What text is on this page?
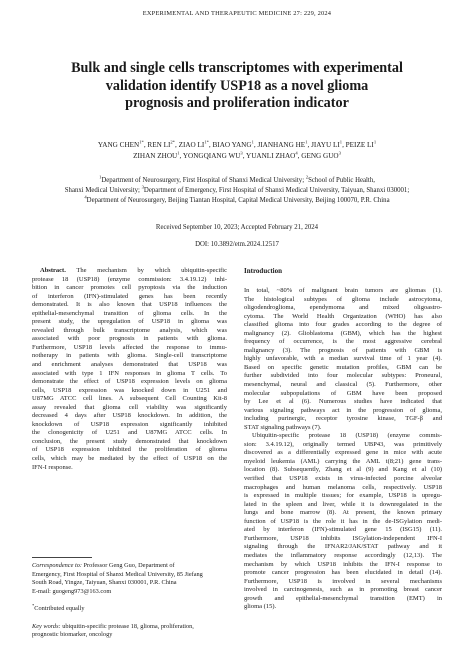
EXPERIMENTAL AND THERAPEUTIC MEDICINE 27: 229, 2024
Bulk and single cells transcriptomes with experimental
validation identify USP18 as a novel glioma
prognosis and proliferation indicator
YANG $CHEN^{1*}$, REN $LI^{2*}$, ZIAO $LI^{1*}$, BIAO YANG$^1$, JIANHANG $HE^1$, JIAYU $LI^1$, PEIZE $LI^1$
ZIHAN ZHOU$^1$, YONGQIANG $WU^3$, YUANLI ZHAO$^4$, GENG GUO$^3$
$^1$Department of Neurosurgery, First Hospital of Shanxi Medical University; $^2$School of Public Health,
Shanxi Medical University; $^3$Department of Emergency, First Hospital of Shanxi Medical University, Taiyuan, Shanxi 030001;
$^4$Department of Neurosurgery, Beijing Tiantan Hospital, Capital Medical University, Beijing 100070, P.R. China
Received September 10, 2023; Accepted February 21, 2024
DOI: 10.3892/etm.2024.12517
Abstract. The mechanism by which ubiquitin-specific
protease 18 (USP18) (enzyme commission: 3.4.19.12) inhi-
bition in cancer promotes cell pyroptosis via the induction
of interferon (IFN)-stimulated genes has been recently
demonstrated. It is also known that USP18 influences the
epithelial-mesenchymal transition of glioma cells. In the
present study, the upregulation of USP18 in glioma was
revealed through bulk transcriptome analysis, which was
associated with poor prognosis in patients with glioma.
Furthermore, USP18 levels affected the response to immu-
notherapy in patients with glioma. Single-cell transcriptome
and enrichment analyses demonstrated that USP18 was
associated with type 1 IFN responses in glioma T cells. To
demonstrate the effect of USP18 expression levels on glioma
cells, USP18 expression was knocked down in U251 and
U87MG ATCC cell lines. A subsequent Cell Counting Kit-8
assay revealed that glioma cell viability was significantly
decreased 4 days after USP18 knockdown. In addition, the
knockdown of USP18 expression significantly inhibited
the clonogenicity of U251 and U87MG ATCC cells. In
conclusion, the present study demonstrated that knockdown
of USP18 expression inhibited the proliferation of glioma
cells, which may be mediated by the effect of USP18 on the
IFN-I response.
Introduction
In total, ~80% of malignant brain tumors are gliomas (1).
The histological subtypes of glioma include astrocytoma,
oligodendroglioma, ependymoma and mixed oligoastro-
cytoma. The World Health Organization (WHO) has also
classified glioma into four grades according to the degree of
malignancy (2). Glioblastoma (GBM), which has the highest
frequency of occurrence, is the most aggressive cerebral
malignancy (3). The prognosis of patients with GBM is
highly unfavorable, with a median survival time of 1 year (4).
Based on specific genetic mutation profiles, GBM can be
further subdivided into four molecular subtypes: Proneural,
mesenchymal, neural and classical (5). Furthermore, other
molecular subpopulations of GBM have been proposed
by Lee et al (6). Numerous studies have indicated that
various signaling pathways act in the progression of glioma,
including purinergic, receptor tyrosine kinase, TGF-β and
STAT signaling pathways (7).
Ubiquitin-specific protease 18 (USP18) (enzyme commis-
sion: 3.4.19.12), originally termed UBP43, was primitively
discovered as a differentially expressed gene in mice with acute
myeloid leukemia (AML) carrying the AML t(8;21) gene trans-
location (8). Subsequently, Zhang et al (9) and Kang et al (10)
verified that USP18 exists in virus-infected porcine alveolar
macrophages and human melanoma cells, respectively. USP18
is expressed in multiple tissues; for example, USP18 is upregu-
lated in the spleen and liver, while it is downregulated in the
lungs and bone marrow (8). At present, the known primary
function of USP18 is the role it has in the de-ISGylation medi-
ated by interferon (IFN)-stimulated gene 15 (ISG15) (11).
Furthermore, USP18 inhibits ISGylation-independent IFN-I
signaling through the IFNAR2/JAK/STAT pathway and it
mediates the inflammatory response accordingly (12,13). The
mechanism by which USP18 inhibits the IFN-I response to
promote cancer progression has been elucidated in detail (14).
Furthermore, USP18 is involved in several mechanisms
involved in carcinogenesis, such as in promoting breast cancer
growth and epithelial-mesenchymal transition (EMT) in
glioma (15).
Correspondence to: Professor Geng Guo, Department of
Emergency, First Hospital of Shanxi Medical University, 85 Jiefang
South Road, Yingze, Taiyuan, Shanxi 030001, P.R. China
E-mail: guogeng973@163.com
*Contributed equally
Key words: ubiquitin-specific protease 18, glioma, proliferation,
prognostic biomarker, oncology
